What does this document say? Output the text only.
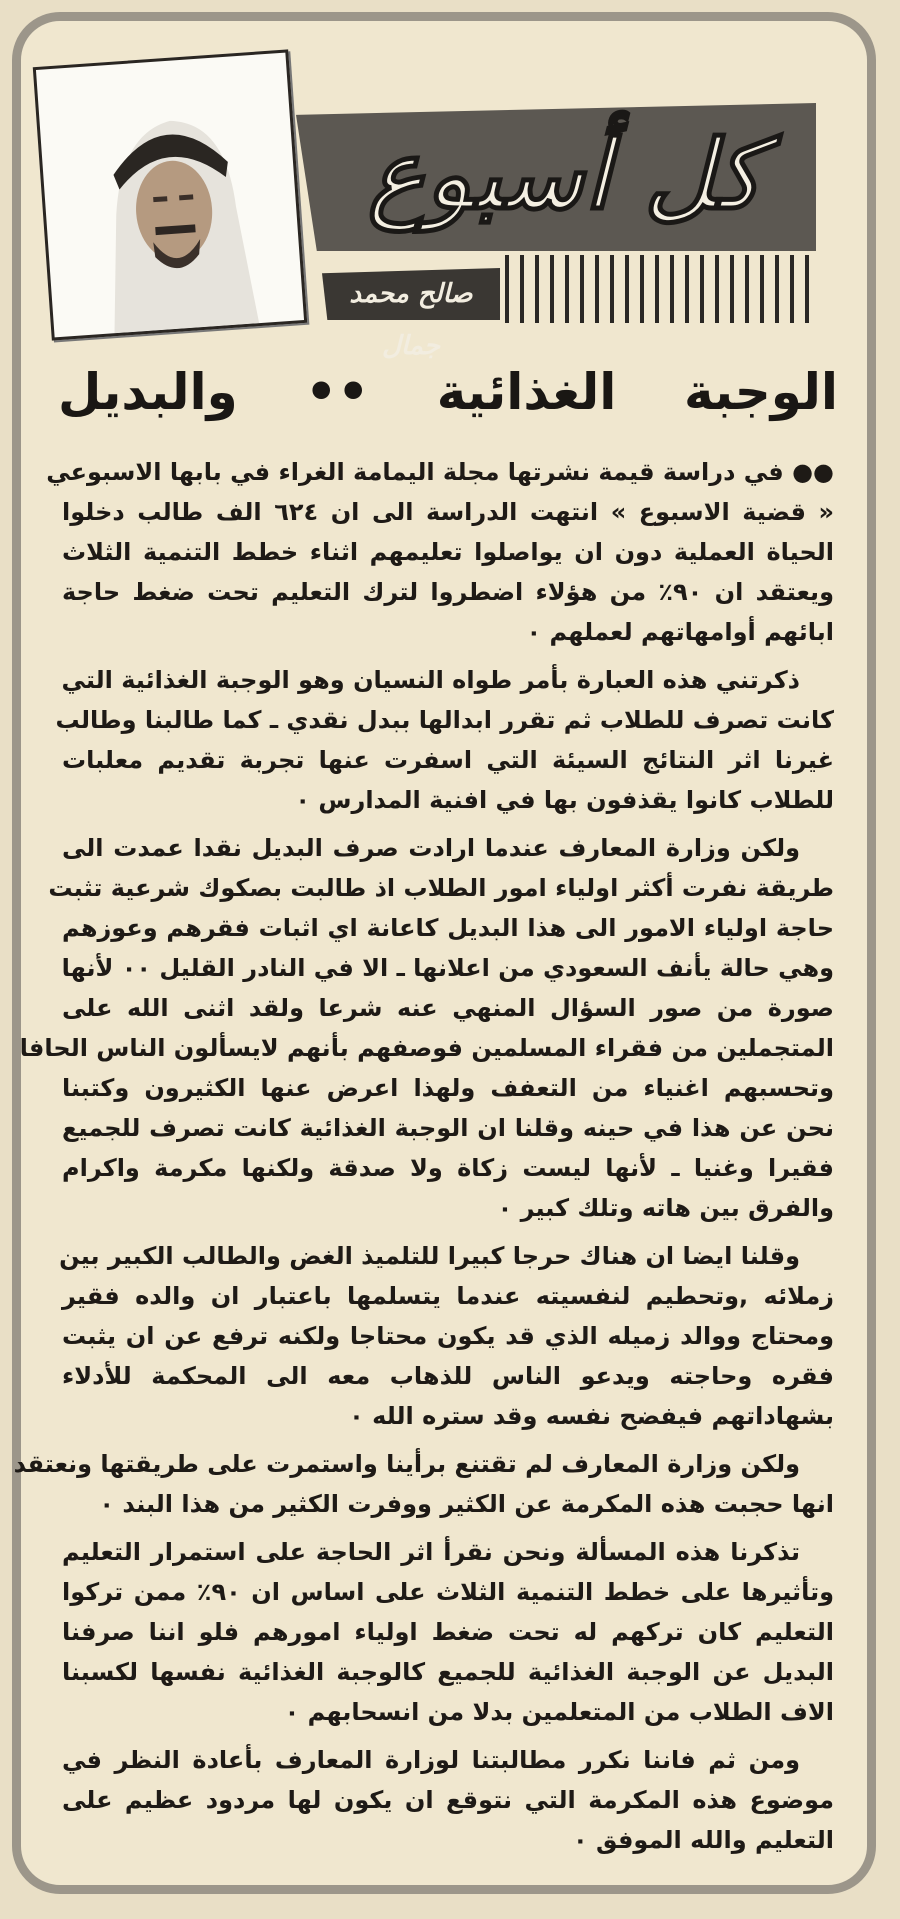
كل أسبوع
صالح محمد جمال
الوجبة الغذائية •• والبديل
●● في دراسة قيمة نشرتها مجلة اليمامة الغراء في بابها الاسبوعي
« قضية الاسبوع » انتهت الدراسة الى ان ٦٢٤ الف طالب دخلوا
الحياة العملية دون ان يواصلوا تعليمهم اثناء خطط التنمية الثلاث
ويعتقد ان ٩٠٪ من هؤلاء اضطروا لترك التعليم تحت ضغط حاجة
ابائهم أوامهاتهم لعملهم ٠
ذكرتني هذه العبارة بأمر طواه النسيان وهو الوجبة الغذائية التي
كانت تصرف للطلاب ثم تقرر ابدالها ببدل نقدي ـ كما طالبنا وطالب
غيرنا اثر النتائج السيئة التي اسفرت عنها تجربة تقديم معلبات
للطلاب كانوا يقذفون بها في افنية المدارس ٠
ولكن وزارة المعارف عندما ارادت صرف البديل نقدا عمدت الى
طريقة نفرت أكثر اولياء امور الطلاب اذ طالبت بصكوك شرعية تثبت
حاجة اولياء الامور الى هذا البديل كاعانة اي اثبات فقرهم وعوزهم
وهي حالة يأنف السعودي من اعلانها ـ الا في النادر القليل ٠٠ لأنها
صورة من صور السؤال المنهي عنه شرعا ولقد اثنى الله على
المتجملين من فقراء المسلمين فوصفهم بأنهم لايسألون الناس الحافا
وتحسبهم اغنياء من التعفف ولهذا اعرض عنها الكثيرون وكتبنا
نحن عن هذا في حينه وقلنا ان الوجبة الغذائية كانت تصرف للجميع
فقيرا وغنيا ـ لأنها ليست زكاة ولا صدقة ولكنها مكرمة واكرام
والفرق بين هاته وتلك كبير ٠
وقلنا ايضا ان هناك حرجا كبيرا للتلميذ الغض والطالب الكبير بين
زملائه ,وتحطيم لنفسيته عندما يتسلمها باعتبار ان والده فقير
ومحتاج ووالد زميله الذي قد يكون محتاجا ولكنه ترفع عن ان يثبت
فقره وحاجته ويدعو الناس للذهاب معه الى المحكمة للأدلاء
بشهاداتهم فيفضح نفسه وقد ستره الله ٠
ولكن وزارة المعارف لم تقتنع برأينا واستمرت على طريقتها ونعتقد
انها حجبت هذه المكرمة عن الكثير ووفرت الكثير من هذا البند ٠
تذكرنا هذه المسألة ونحن نقرأ اثر الحاجة على استمرار التعليم
وتأثيرها على خطط التنمية الثلاث على اساس ان ٩٠٪ ممن تركوا
التعليم كان تركهم له تحت ضغط اولياء امورهم فلو اننا صرفنا
البديل عن الوجبة الغذائية للجميع كالوجبة الغذائية نفسها لكسبنا
الاف الطلاب من المتعلمين بدلا من انسحابهم ٠
ومن ثم فاننا نكرر مطالبتنا لوزارة المعارف بأعادة النظر في
موضوع هذه المكرمة التي نتوقع ان يكون لها مردود عظيم على
التعليم والله الموفق ٠
